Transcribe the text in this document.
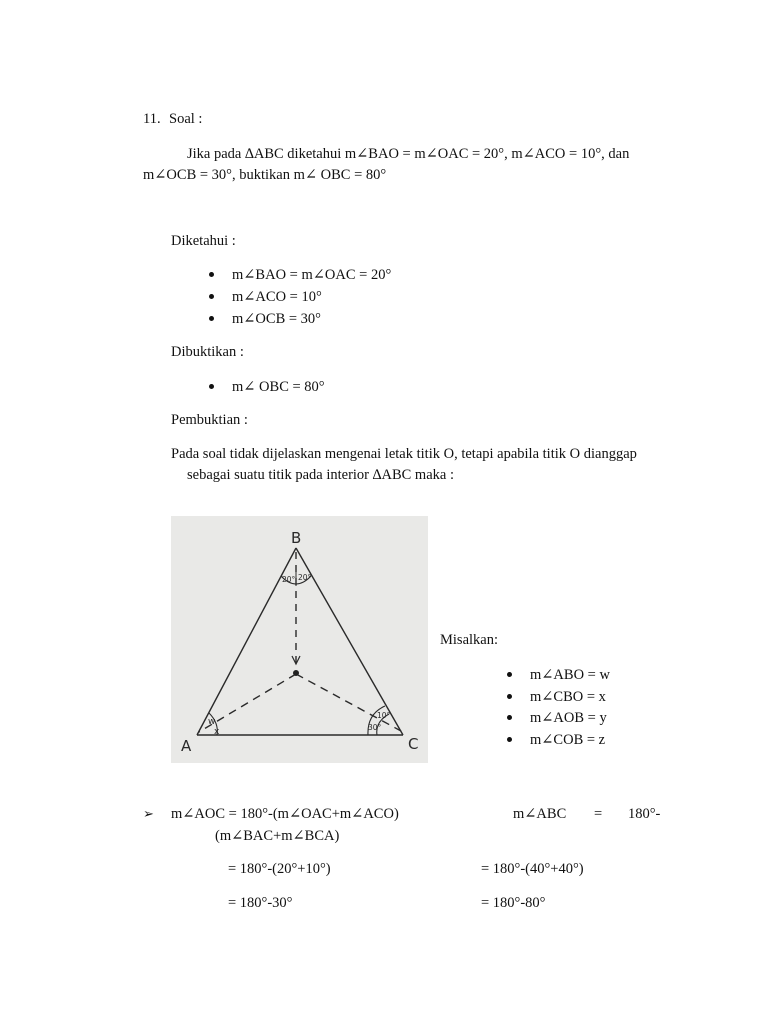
11. Soal :
Jika pada ∆ABC diketahui m∠BAO = m∠OAC = 20°, m∠ACO = 10°, dan
m∠OCB = 30°, buktikan m∠ OBC = 80°
Diketahui :
m∠BAO = m∠OAC = 20°
m∠ACO = 10°
m∠OCB = 30°
Dibuktikan :
m∠ OBC = 80°
Pembuktian :
Pada soal tidak dijelaskan mengenai letak titik O, tetapi apabila titik O dianggap
sebagai suatu titik pada interior ∆ABC maka :
B
A	C
20° 20°
w
x
10°
30°
Misalkan:
m∠ABO = w
m∠CBO = x
m∠AOB = y
m∠COB = z
➢ m∠AOC = 180°-(m∠OAC+m∠ACO)	m∠ABC = 180°-
(m∠BAC+m∠BCA)
= 180°-(20°+10°)	= 180°-(40°+40°)
= 180°-30°	= 180°-80°
